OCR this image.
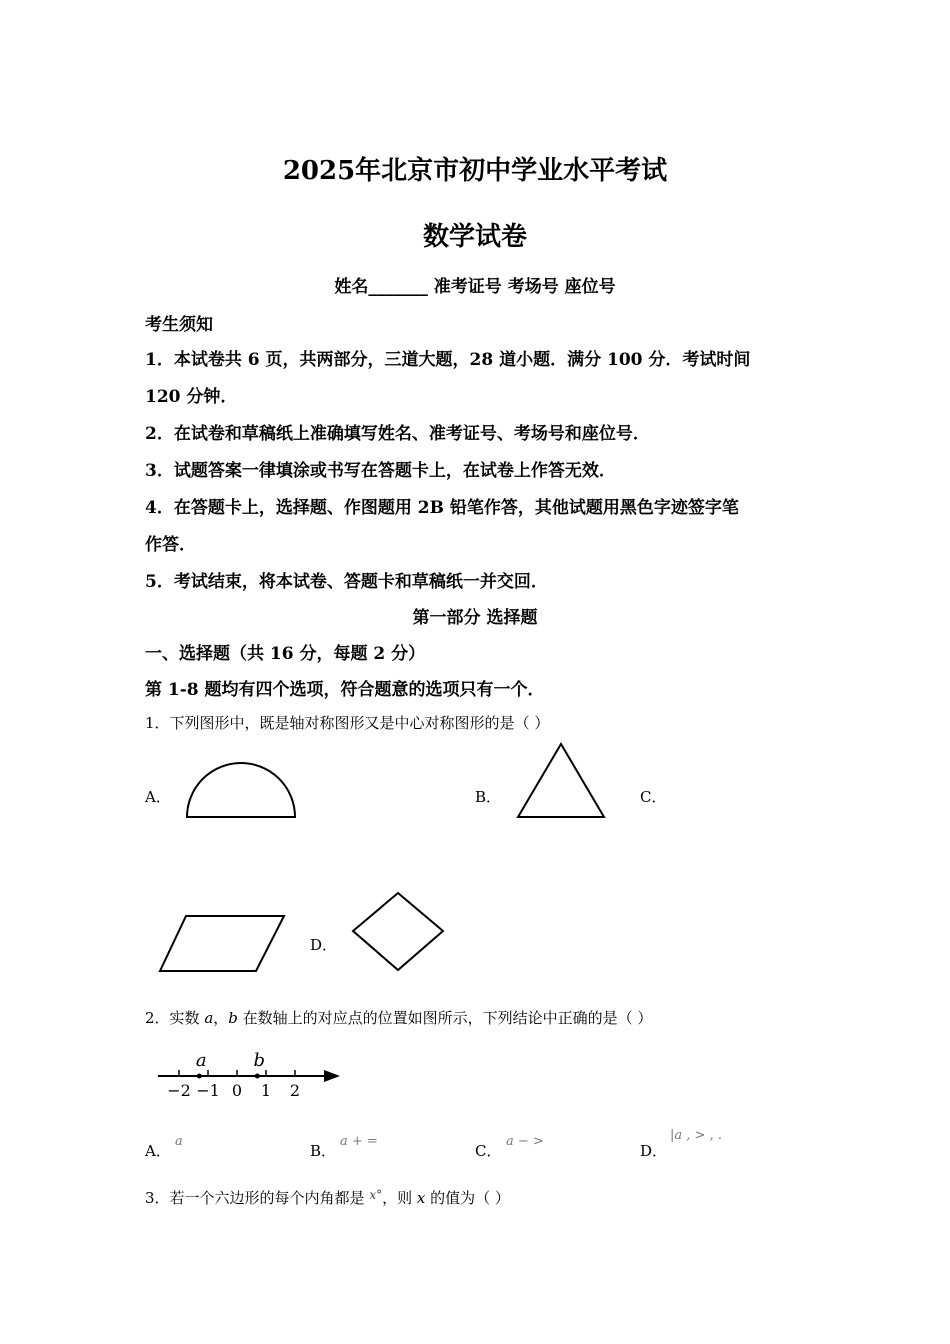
2025年北京市初中学业水平考试
数学试卷
姓名_______ 准考证号 考场号 座位号
考生须知
1．本试卷共 6 页，共两部分，三道大题，28 道小题．满分 100 分．考试时间
120 分钟．
2．在试卷和草稿纸上准确填写姓名、准考证号、考场号和座位号．
3．试题答案一律填涂或书写在答题卡上，在试卷上作答无效．
4．在答题卡上，选择题、作图题用 2B 铅笔作答，其他试题用黑色字迹签字笔
作答．
5．考试结束，将本试卷、答题卡和草稿纸一并交回．
第一部分 选择题
一、选择题（共 16 分，每题 2 分）
第 1-8 题均有四个选项，符合题意的选项只有一个．
1．下列图形中，既是轴对称图形又是中心对称图形的是（ ）
A．	B．	C．
D．
2．实数 a，b 在数轴上的对应点的位置如图所示，下列结论中正确的是（ ）
−2 −1 0 1 2
a	b
A．
a
B．
a + =
C．
a − >
D．
|a , > , .
3．若一个六边形的每个内角都是 $^{x^\circ}$，则 x 的值为（ ）
